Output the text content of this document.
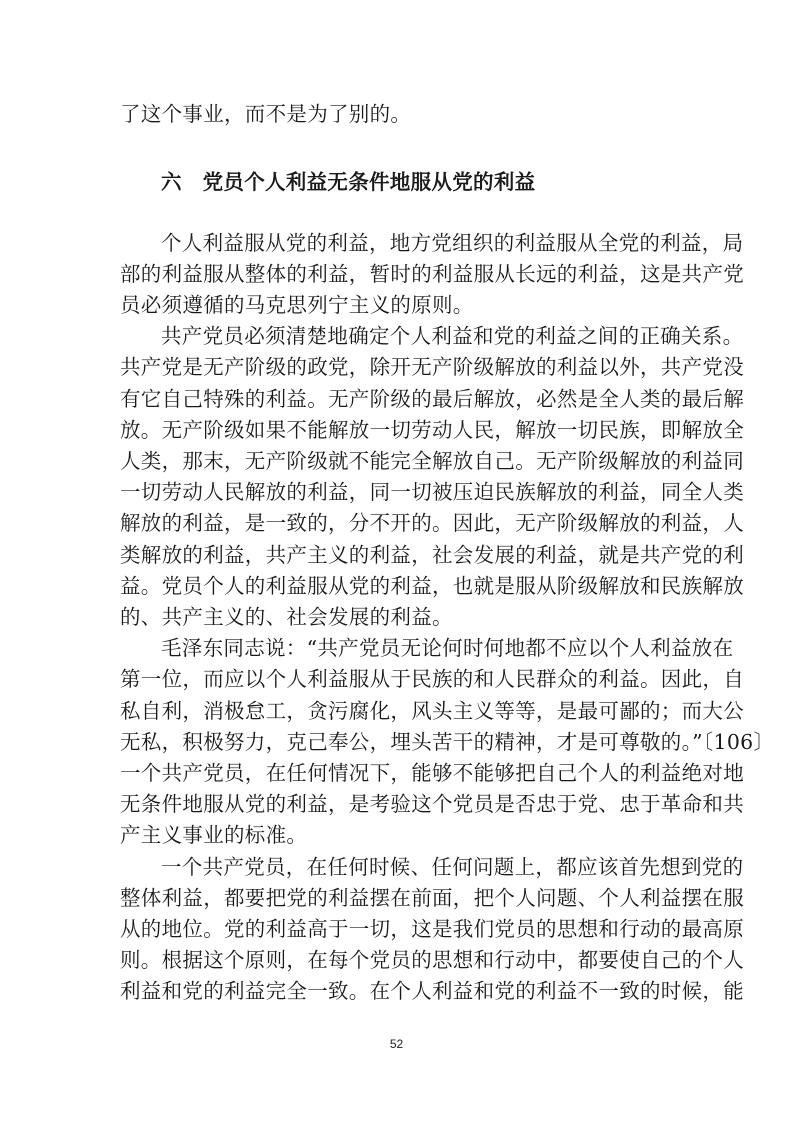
了这个事业，而不是为了别的。
六　党员个人利益无条件地服从党的利益
个人利益服从党的利益，地方党组织的利益服从全党的利益，局
部的利益服从整体的利益，暂时的利益服从长远的利益，这是共产党
员必须遵循的马克思列宁主义的原则。
共产党员必须清楚地确定个人利益和党的利益之间的正确关系。
共产党是无产阶级的政党，除开无产阶级解放的利益以外，共产党没
有它自己特殊的利益。无产阶级的最后解放，必然是全人类的最后解
放。无产阶级如果不能解放一切劳动人民，解放一切民族，即解放全
人类，那末，无产阶级就不能完全解放自己。无产阶级解放的利益同
一切劳动人民解放的利益，同一切被压迫民族解放的利益，同全人类
解放的利益，是一致的，分不开的。因此，无产阶级解放的利益，人
类解放的利益，共产主义的利益，社会发展的利益，就是共产党的利
益。党员个人的利益服从党的利益，也就是服从阶级解放和民族解放
的、共产主义的、社会发展的利益。
毛泽东同志说：“共产党员无论何时何地都不应以个人利益放在
第一位，而应以个人利益服从于民族的和人民群众的利益。因此，自
私自利，消极怠工，贪污腐化，风头主义等等，是最可鄙的；而大公
无私，积极努力，克己奉公，埋头苦干的精神，才是可尊敬的。”〔106〕
一个共产党员，在任何情况下，能够不能够把自己个人的利益绝对地
无条件地服从党的利益，是考验这个党员是否忠于党、忠于革命和共
产主义事业的标准。
一个共产党员，在任何时候、任何问题上，都应该首先想到党的
整体利益，都要把党的利益摆在前面，把个人问题、个人利益摆在服
从的地位。党的利益高于一切，这是我们党员的思想和行动的最高原
则。根据这个原则，在每个党员的思想和行动中，都要使自己的个人
利益和党的利益完全一致。在个人利益和党的利益不一致的时候，能
52
